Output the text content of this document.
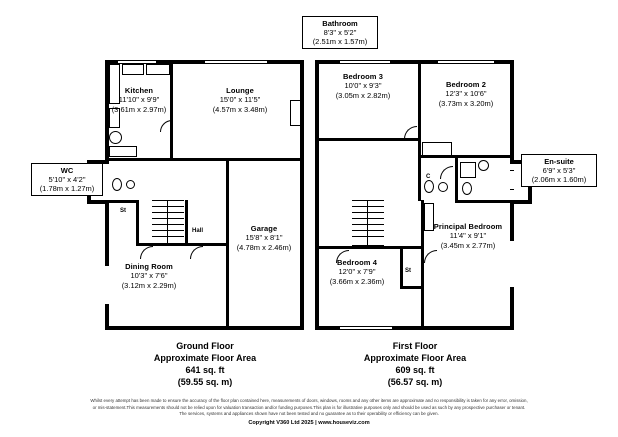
Kitchen
11'10" x 9'9"
(3.61m x 2.97m)
Lounge
15'0" x 11'5"
(4.57m x 3.48m)
Garage
15'8" x 8'1"
(4.78m x 2.46m)
Dining Room
10'3" x 7'6"
(3.12m x 2.29m)
Hall
St
WC
5'10" x 4'2"
(1.78m x 1.27m)
Bedroom 3
10'0" x 9'3"
(3.05m x 2.82m)
Bedroom 2
12'3" x 10'6"
(3.73m x 3.20m)
Principal Bedroom
11'4" x 9'1"
(3.45m x 2.77m)
Bedroom 4
12'0" x 7'9"
(3.66m x 2.36m)
St
C
Bathroom
8'3" x 5'2"
(2.51m x 1.57m)
En-suite
6'9" x 5'3"
(2.06m x 1.60m)
Ground Floor
Approximate Floor Area
641 sq. ft
(59.55 sq. m)
First Floor
Approximate Floor Area
609 sq. ft
(56.57 sq. m)
Whilst every attempt has been made to ensure the accuracy of the floor plan contained here, measurements of doors, windows, rooms and any other items are approximate and no responsibility is taken for any error, omission,
or mis-statement.This measurements should not be relied upon for valuation transaction and/or funding purposes.This plan is for illustrative purposes only and should be used as such by any prospective purchaser or tenant.
The services, systems and appliances shown have not been tested and no guarantee as to their operability or efficiency can be given.
Copyright V360 Ltd 2025 | www.houseviz.com
